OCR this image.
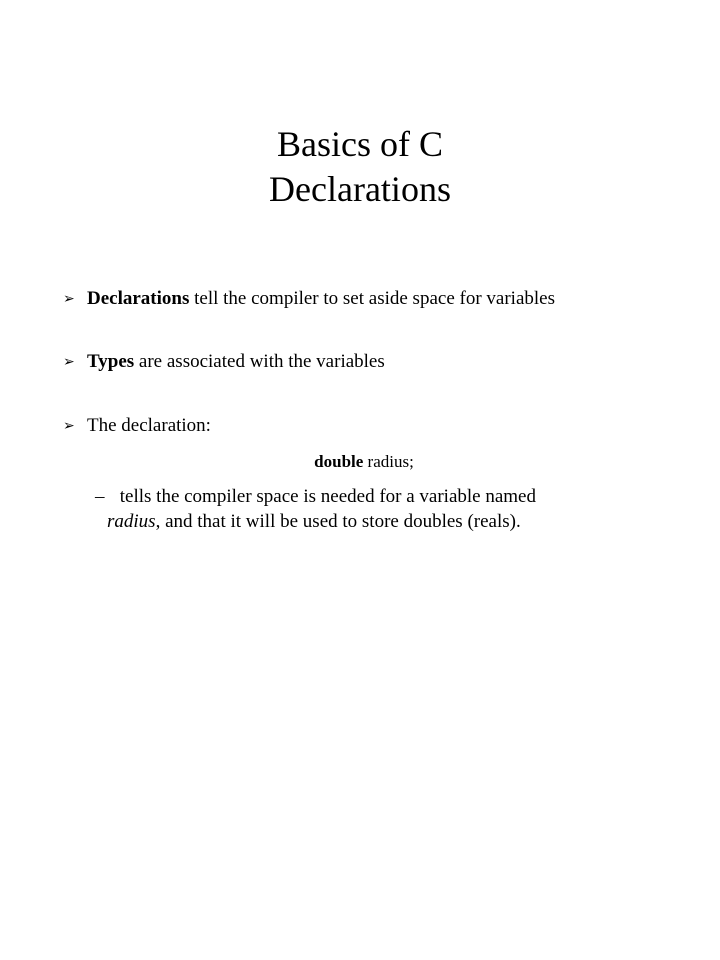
Basics of C
Declarations
➢ Declarations tell the compiler to set aside space for variables
➢ Types are associated with the variables
➢ The declaration:
double radius;
– tells the compiler space is needed for a variable named
radius, and that it will be used to store doubles (reals).
